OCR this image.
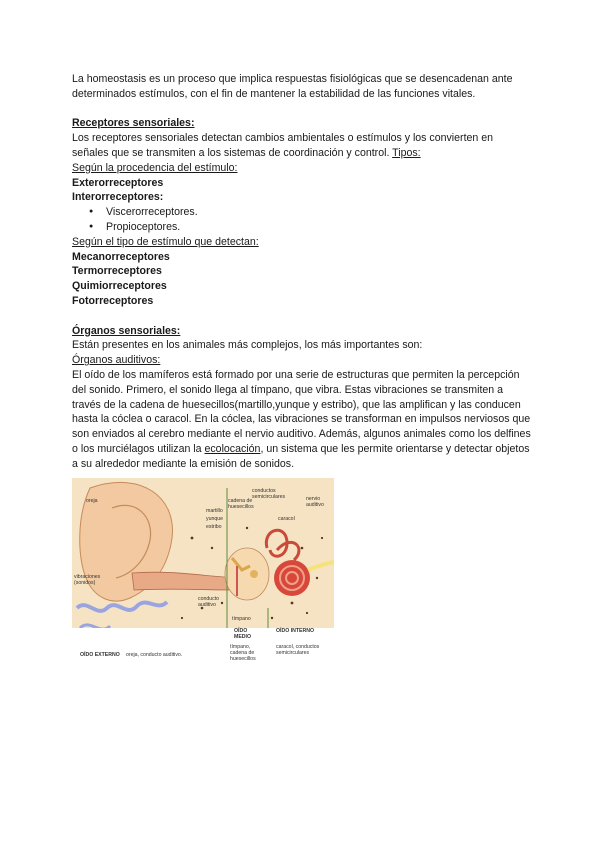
La homeostasis es un proceso que implica respuestas fisiológicas que se desencadenan ante determinados estímulos, con el fin de mantener la estabilidad de las funciones vitales.

Receptores sensoriales:

Los receptores sensoriales detectan cambios ambientales o estímulos y los convierten en señales que se transmiten a los sistemas de coordinación y control. Tipos:

Según la procedencia del estímulo:

Exterorreceptores

Interorreceptores:

● Viscerorreceptores.
● Propioceptores.

Según el tipo de estímulo que detectan:

Mecanorreceptores

Termorreceptores

Quimiorreceptores

Fotorreceptores

Órganos sensoriales:

Están presentes en los animales más complejos, los más importantes son:

Órganos auditivos:

El oído de los mamíferos está formado por una serie de estructuras que permiten la percepción del sonido. Primero, el sonido llega al tímpano, que vibra. Estas vibraciones se transmiten a través de la cadena de huesecillos(martillo,yunque y estribo), que las amplifican y las conducen hasta la cóclea o caracol. En la cóclea, las vibraciones se transforman en impulsos nerviosos que son enviados al cerebro mediante el nervio auditivo. Además, algunos animales como los delfines o los murciélagos utilizan la ecolocación, un sistema que les permite orientarse y detectar objetos a su alrededor mediante la emisión de sonidos.

oreja
vibraciones (sonidos)
martillo
yunque
estribo
cadena de huesecillos
conductos semicirculares	nervio auditivo
caracol
conducto auditivo
tímpano
OÍDO EXTERNO oreja, conducto auditivo.
OÍDO MEDIO
tímpano, cadena de huesecillos
OÍDO INTERNO
caracol, conductos semicirculares
